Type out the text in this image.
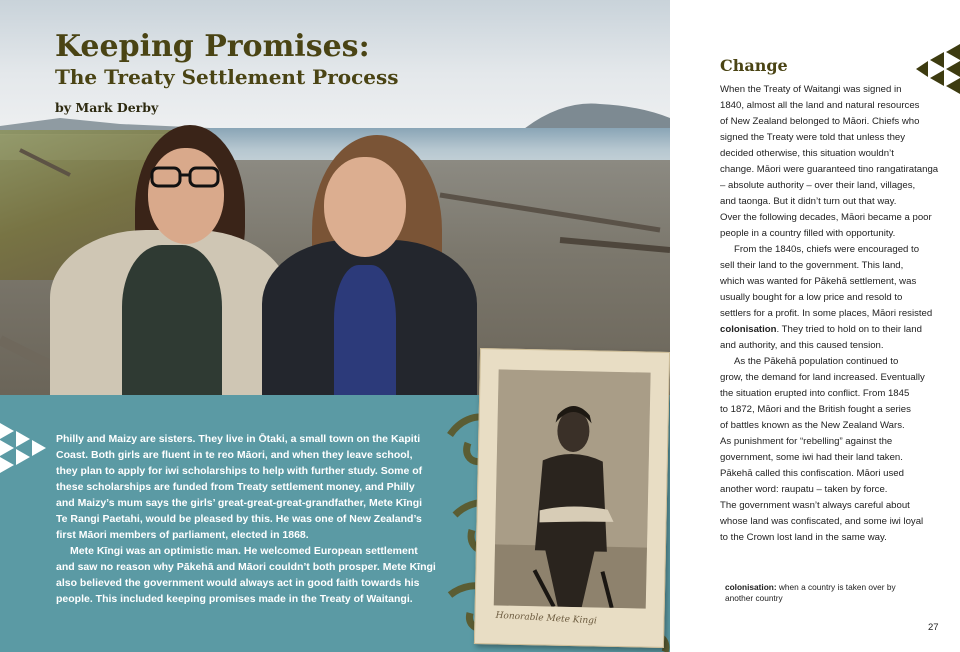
Keeping Promises:
The Treaty Settlement Process
by Mark Derby

Philly and Maizy are sisters. They live in Ōtaki, a small town on the Kapiti Coast. Both girls are fluent in te reo Māori, and when they leave school, they plan to apply for iwi scholarships to help with further study. Some of these scholarships are funded from Treaty settlement money, and Philly and Maizy’s mum says the girls’ great-great-great-grandfather, Mete Kīngi Te Rangi Paetahi, would be pleased by this. He was one of New Zealand’s first Māori members of parliament, elected in 1868.

Mete Kīngi was an optimistic man. He welcomed European settlement and saw no reason why Pākehā and Māori couldn’t both prosper. Mete Kīngi also believed the government would always act in good faith towards his people. This included keeping promises made in the Treaty of Waitangi.

Honorable Mete Kingi
Change
When the Treaty of Waitangi was signed in
1840, almost all the land and natural resources
of New Zealand belonged to Māori. Chiefs who
signed the Treaty were told that unless they
decided otherwise, this situation wouldn’t
change. Māori were guaranteed tino rangatiratanga
– absolute authority – over their land, villages,
and taonga. But it didn’t turn out that way.
Over the following decades, Māori became a poor
people in a country filled with opportunity.
From the 1840s, chiefs were encouraged to
sell their land to the government. This land,
which was wanted for Pākehā settlement, was
usually bought for a low price and resold to
settlers for a profit. In some places, Māori resisted
colonisation. They tried to hold on to their land
and authority, and this caused tension.
As the Pākehā population continued to
grow, the demand for land increased. Eventually
the situation erupted into conflict. From 1845
to 1872, Māori and the British fought a series
of battles known as the New Zealand Wars.
As punishment for “rebelling” against the
government, some iwi had their land taken.
Pākehā called this confiscation. Māori used
another word: raupatu – taken by force.
The government wasn’t always careful about
whose land was confiscated, and some iwi loyal
to the Crown lost land in the same way.
colonisation: when a country is taken over by another country
27
